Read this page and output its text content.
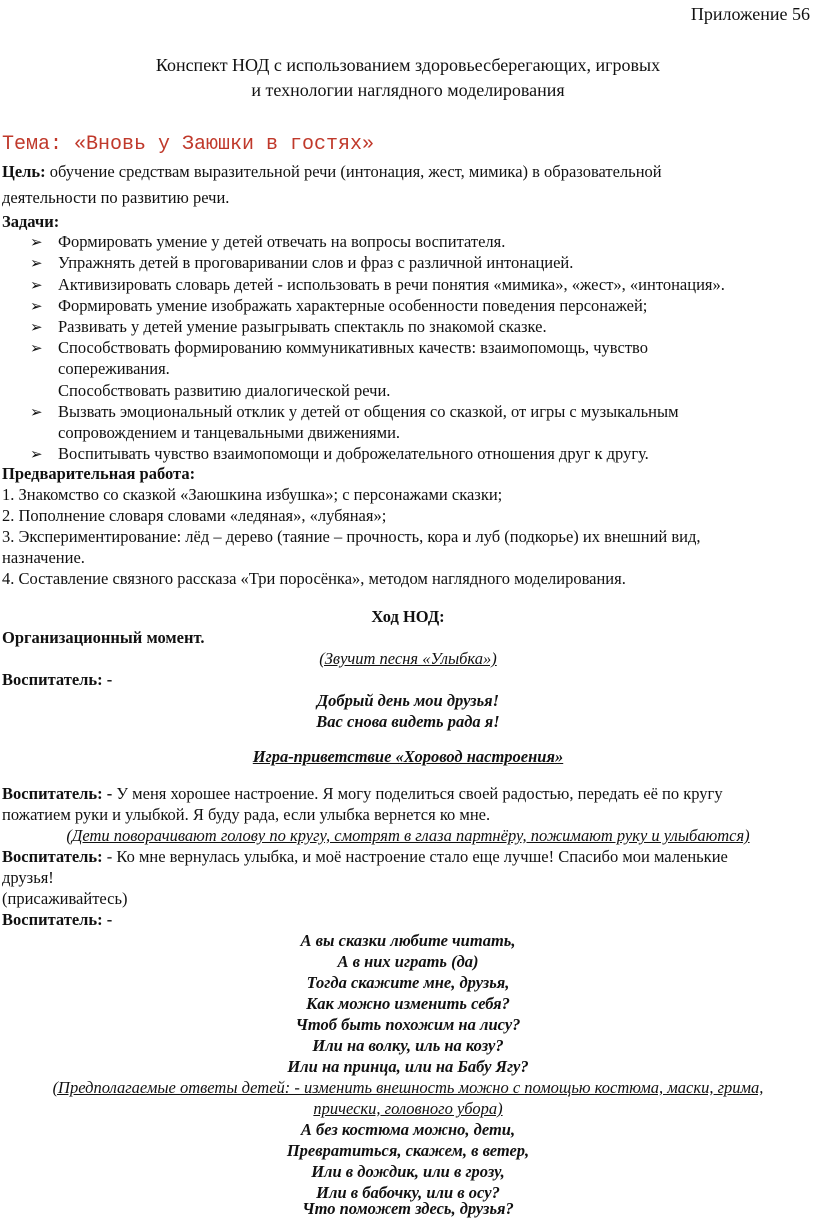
Приложение 56
Конспект НОД с использованием здоровьесберегающих, игровых
и технологии наглядного моделирования
Тема: «Вновь у Заюшки в гостях»
Цель: обучение средствам выразительной речи (интонация, жест, мимика) в образовательной
деятельности по развитию речи.
Задачи:
➢ Формировать умение у детей отвечать на вопросы воспитателя.
➢ Упражнять детей в проговаривании слов и фраз с различной интонацией.
➢ Активизировать словарь детей - использовать в речи понятия «мимика», «жест», «интонация».
➢ Формировать умение изображать характерные особенности поведения персонажей;
➢ Развивать у детей умение разыгрывать спектакль по знакомой сказке.
➢ Способствовать формированию коммуникативных качеств: взаимопомощь, чувство
сопереживания.
Способствовать развитию диалогической речи.
➢ Вызвать эмоциональный отклик у детей от общения со сказкой, от игры с музыкальным
сопровождением и танцевальными движениями.
➢ Воспитывать чувство взаимопомощи и доброжелательного отношения друг к другу.
Предварительная работа:
1. Знакомство со сказкой «Заюшкина избушка»; с персонажами сказки;
2. Пополнение словаря словами «ледяная», «лубяная»;
3. Экспериментирование: лёд – дерево (таяние – прочность, кора и луб (подкорье) их внешний вид,
назначение.
4. Составление связного рассказа «Три поросёнка», методом наглядного моделирования.
Ход НОД:
Организационный момент.
(Звучит песня «Улыбка»)
Воспитатель: -
Добрый день мои друзья!
Вас снова видеть рада я!
Игра-приветствие «Хоровод настроения»
Воспитатель: - У меня хорошее настроение. Я могу поделиться своей радостью, передать её по кругу
пожатием руки и улыбкой. Я буду рада, если улыбка вернется ко мне.
(Дети поворачивают голову по кругу, смотрят в глаза партнёру, пожимают руку и улыбаются)
Воспитатель: - Ко мне вернулась улыбка, и моё настроение стало еще лучше! Спасибо мои маленькие
друзья!
(присаживайтесь)
Воспитатель: -
А вы сказки любите читать,
А в них играть (да)
Тогда скажите мне, друзья,
Как можно изменить себя?
Чтоб быть похожим на лису?
Или на волку, иль на козу?
Или на принца, или на Бабу Ягу?
(Предполагаемые ответы детей: - изменить внешность можно с помощью костюма, маски, грима,
прически, головного убора)
А без костюма можно, дети,
Превратиться, скажем, в ветер,
Или в дождик, или в грозу,
Или в бабочку, или в осу?
Что поможет здесь, друзья?
